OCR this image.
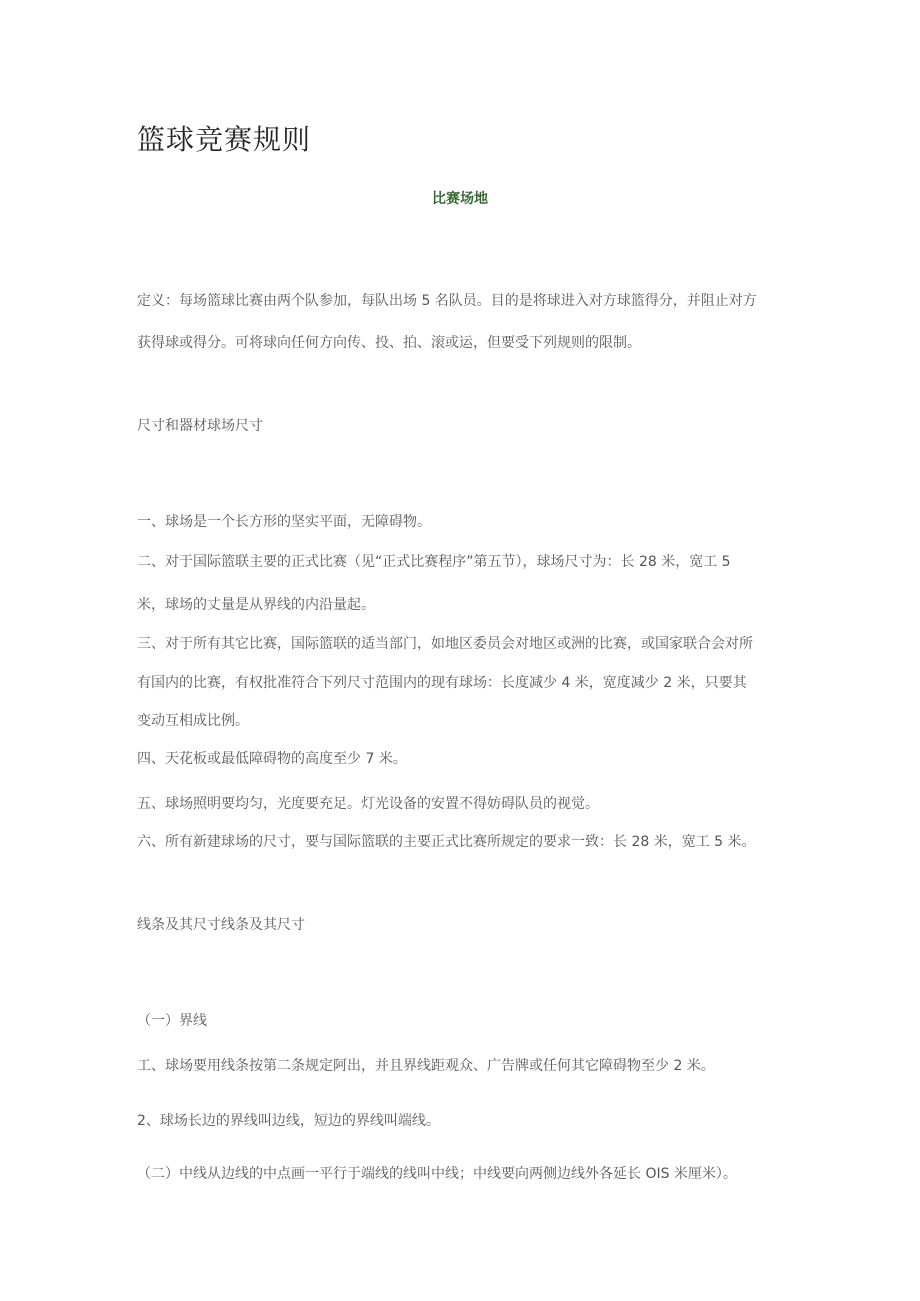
篮球竞赛规则
比赛场地
定义：每场篮球比赛由两个队参加，每队出场 5 名队员。目的是将球进入对方球篮得分，并阻止对方
获得球或得分。可将球向任何方向传、投、拍、滚或运，但要受下列规则的限制。
尺寸和器材球场尺寸
一、球场是一个长方形的坚实平面，无障碍物。
二、对于国际篮联主要的正式比赛（见“正式比赛程序”第五节），球场尺寸为：长 28 米，宽工 5
米，球场的丈量是从界线的内沿量起。
三、对于所有其它比赛，国际篮联的适当部门，如地区委员会对地区或洲的比赛，或国家联合会对所
有国内的比赛，有权批准符合下列尺寸范围内的现有球场：长度减少 4 米，宽度减少 2 米，只要其
变动互相成比例。
四、天花板或最低障碍物的高度至少 7 米。
五、球场照明要均匀，光度要充足。灯光设备的安置不得妨碍队员的视觉。
六、所有新建球场的尺寸，要与国际篮联的主要正式比赛所规定的要求一致：长 28 米，宽工 5 米。
线条及其尺寸线条及其尺寸
（一）界线
工、球场要用线条按第二条规定阿出，并且界线距观众、广告牌或任何其它障碍物至少 2 米。
2、球场长边的界线叫边线，短边的界线叫端线。
（二）中线从边线的中点画一平行于端线的线叫中线；中线要向两侧边线外各延长 OIS 米厘米）。
